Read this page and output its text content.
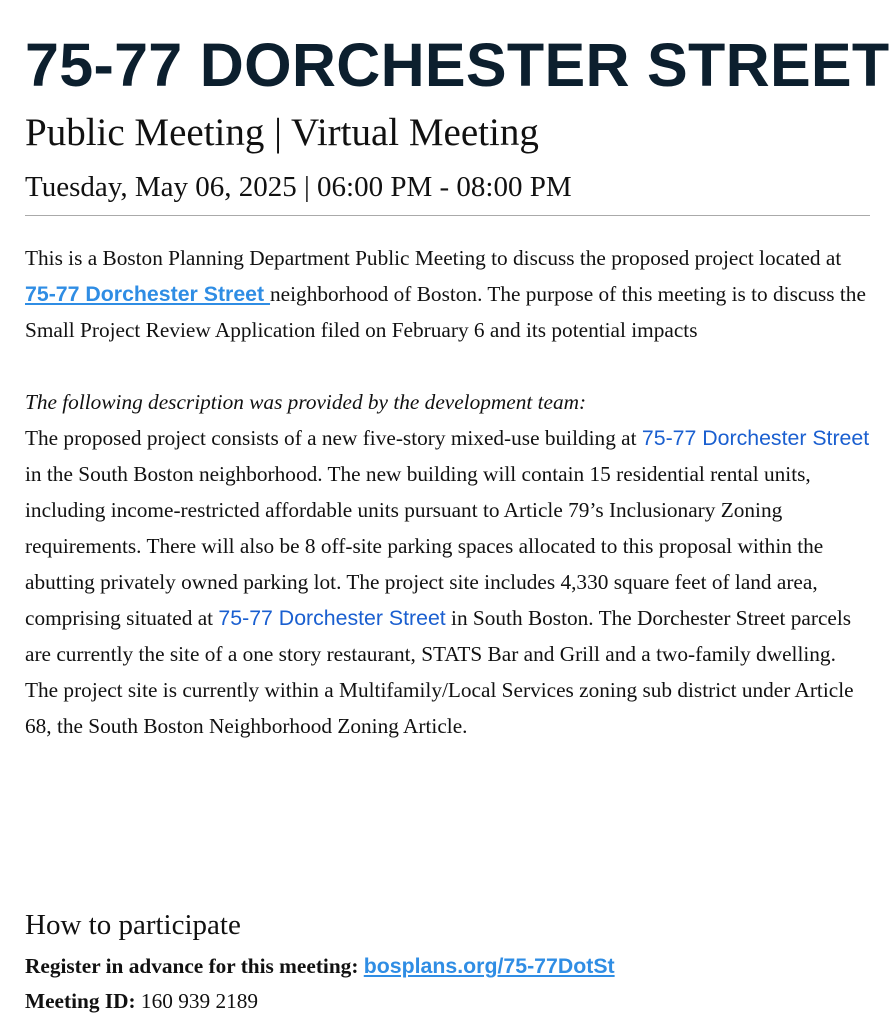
75-77 DORCHESTER STREET
Public Meeting | Virtual Meeting
Tuesday, May 06, 2025 | 06:00 PM - 08:00 PM

This is a Boston Planning Department Public Meeting to discuss the proposed project located at 75-77 Dorchester Street neighborhood of Boston. The purpose of this meeting is to discuss the Small Project Review Application filed on February 6 and its potential impacts

The following description was provided by the development team:

The proposed project consists of a new five-story mixed-use building at 75-77 Dorchester Street in the South Boston neighborhood. The new building will contain 15 residential rental units, including income-restricted affordable units pursuant to Article 79’s Inclusionary Zoning requirements. There will also be 8 off-site parking spaces allocated to this proposal within the abutting privately owned parking lot. The project site includes 4,330 square feet of land area, comprising situated at 75-77 Dorchester Street in South Boston. The Dorchester Street parcels are currently the site of a one story restaurant, STATS Bar and Grill and a two-family dwelling. The project site is currently within a Multifamily/Local Services zoning sub district under Article 68, the South Boston Neighborhood Zoning Article.

How to participate
Register in advance for this meeting: bosplans.org/75-77DotSt
Meeting ID: 160 939 2189
